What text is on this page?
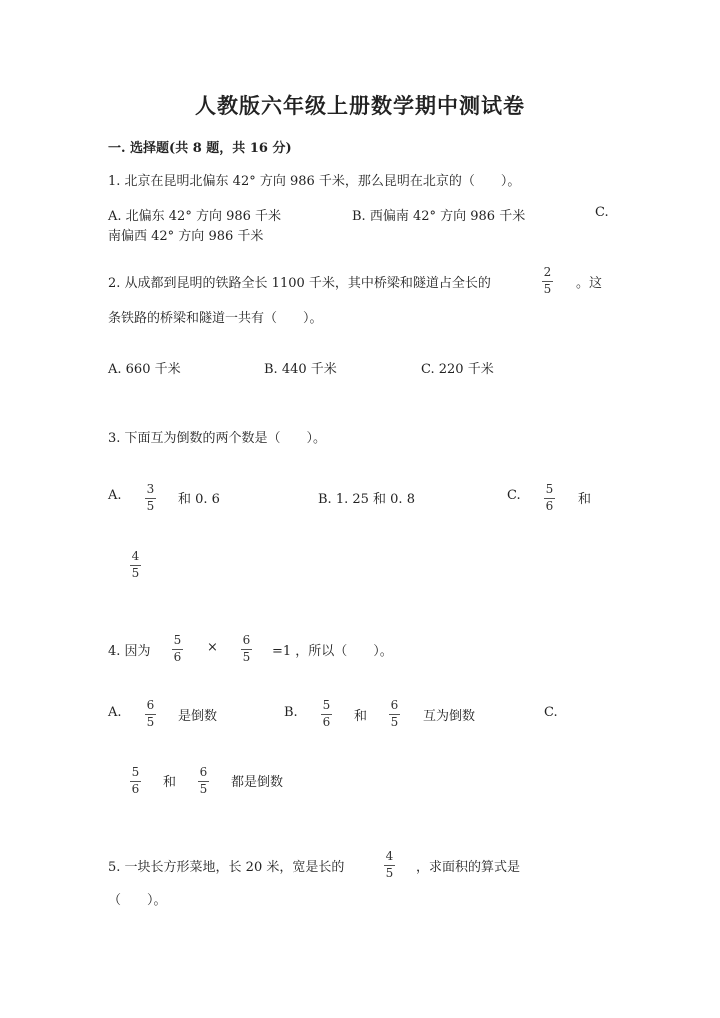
人教版六年级上册数学期中测试卷
一. 选择题(共 8 题，共 16 分)
1. 北京在昆明北偏东 42° 方向 986 千米，那么昆明在北京的（　　）。
A. 北偏东 42° 方向 986 千米	B. 西偏南 42° 方向 986 千米	C.
南偏西 42° 方向 986 千米
2. 从成都到昆明的铁路全长 1100 千米，其中桥梁和隧道占全长的
2
5 。这
条铁路的桥梁和隧道一共有（　　）。
A. 660 千米	B. 440 千米	C. 220 千米
3. 下面互为倒数的两个数是（　　）。
A. 3
5 和 0. 6	B. 1. 25 和 0. 8	C. 5
6 和
4
5
4. 因为
5
6
× 6
5 =1 ，所以（　　）。
A. 6
5 是倒数	B. 5
6 和
6
5 互为倒数	C.
5
6 和
6
5 都是倒数
5. 一块长方形菜地，长 20 米，宽是长的
4
5 ，求面积的算式是
（　　）。
